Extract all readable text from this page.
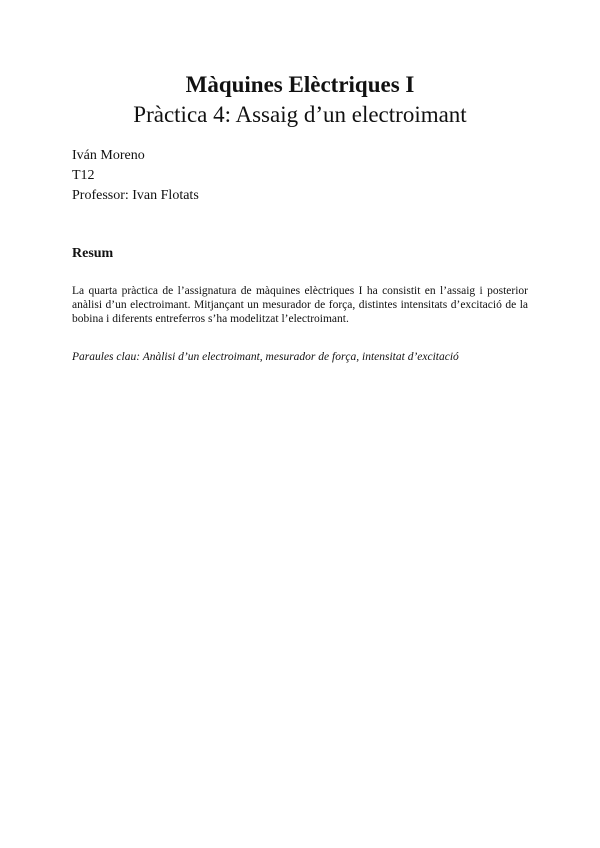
Màquines Elèctriques I
Pràctica 4: Assaig d’un electroimant
Iván Moreno
T12
Professor: Ivan Flotats
Resum

La quarta pràctica de l’assignatura de màquines elèctriques I ha consistit en l’assaig i posterior anàlisi d’un electroimant. Mitjançant un mesurador de força, distintes intensitats d’excitació de la bobina i diferents entreferros s’ha modelitzat l’electroimant.

Paraules clau: Anàlisi d’un electroimant, mesurador de força, intensitat d’excitació
